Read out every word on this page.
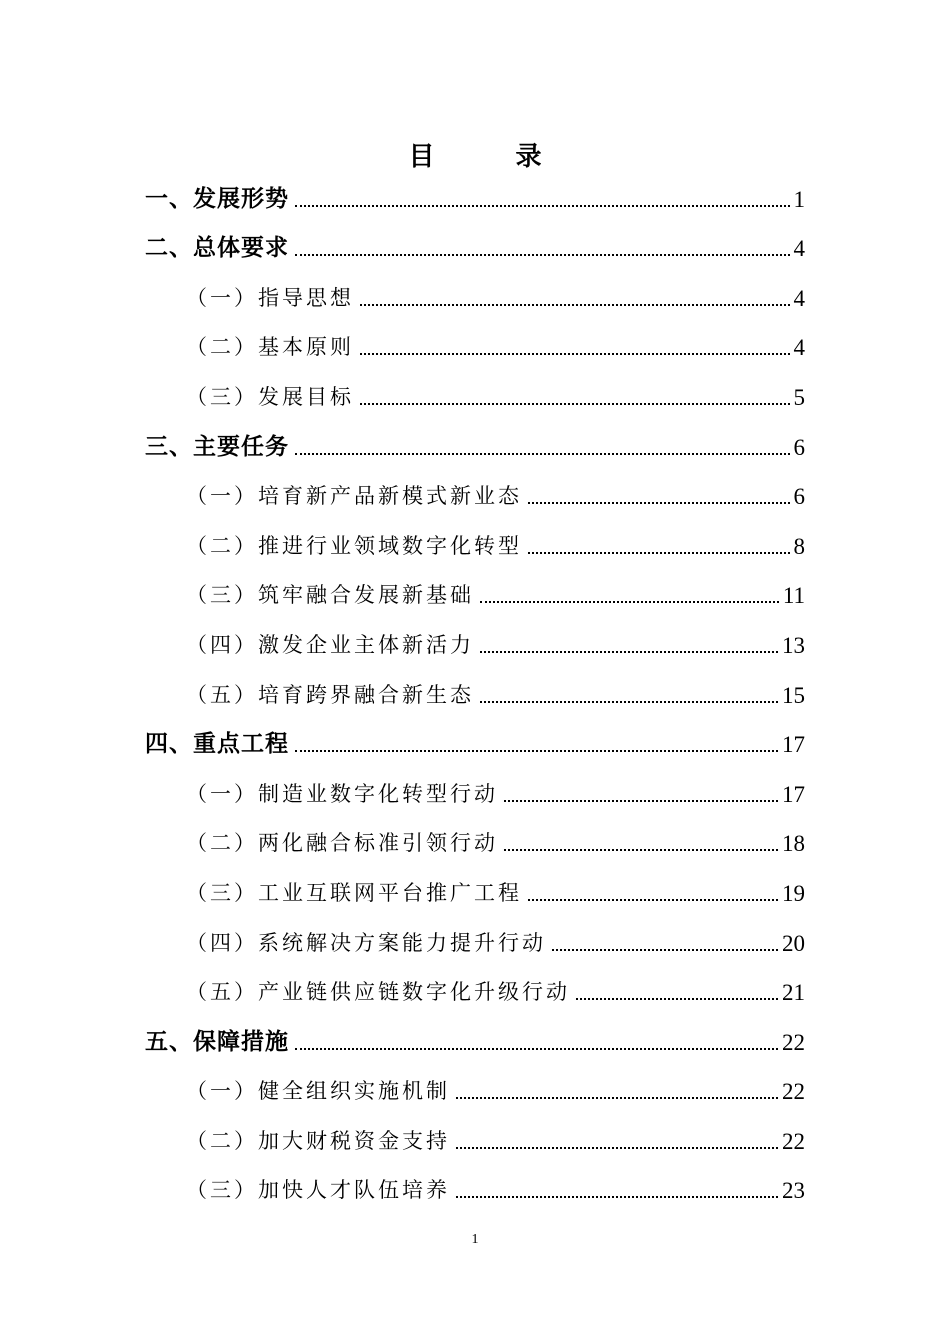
目 录
一、发展形势	1
二、总体要求	4
（一）指导思想	4
（二）基本原则	4
（三）发展目标	5
三、主要任务	6
（一）培育新产品新模式新业态	6
（二）推进行业领域数字化转型	8
（三）筑牢融合发展新基础	11
（四）激发企业主体新活力	13
（五）培育跨界融合新生态	15
四、重点工程	17
（一）制造业数字化转型行动	17
（二）两化融合标准引领行动	18
（三）工业互联网平台推广工程	19
（四）系统解决方案能力提升行动	20
（五）产业链供应链数字化升级行动	21
五、保障措施	22
（一）健全组织实施机制	22
（二）加大财税资金支持	22
（三）加快人才队伍培养	23
1
